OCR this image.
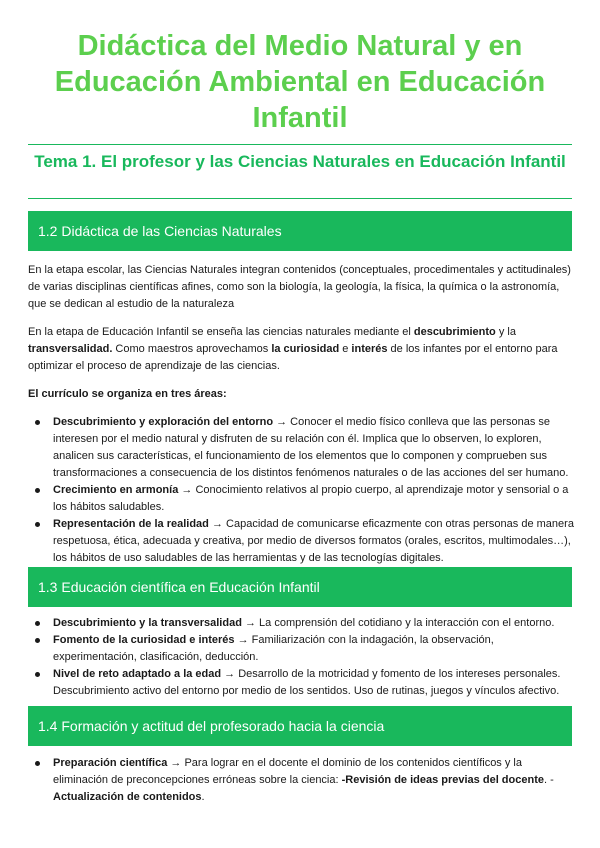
Didáctica del Medio Natural y en Educación Ambiental en Educación Infantil
Tema 1. El profesor y las Ciencias Naturales en Educación Infantil
1.2 Didáctica de las Ciencias Naturales

En la etapa escolar, las Ciencias Naturales integran contenidos (conceptuales, procedimentales y actitudinales) de varias disciplinas científicas afines, como son la biología, la geología, la física, la química o la astronomía, que se dedican al estudio de la naturaleza

En la etapa de Educación Infantil se enseña las ciencias naturales mediante el descubrimiento y la transversalidad. Como maestros aprovechamos la curiosidad e interés de los infantes por el entorno para optimizar el proceso de aprendizaje de las ciencias.

El currículo se organiza en tres áreas:

Descubrimiento y exploración del entorno → Conocer el medio físico conlleva que las personas se interesen por el medio natural y disfruten de su relación con él. Implica que lo observen, lo exploren, analicen sus características, el funcionamiento de los elementos que lo componen y comprueben sus transformaciones a consecuencia de los distintos fenómenos naturales o de las acciones del ser humano.
Crecimiento en armonía → Conocimiento relativos al propio cuerpo, al aprendizaje motor y sensorial o a los hábitos saludables.
Representación de la realidad → Capacidad de comunicarse eficazmente con otras personas de manera respetuosa, ética, adecuada y creativa, por medio de diversos formatos (orales, escritos, multimodales…), los hábitos de uso saludables de las herramientas y de las tecnologías digitales.
1.3 Educación científica en Educación Infantil
Descubrimiento y la transversalidad → La comprensión del cotidiano y la interacción con el entorno.
Fomento de la curiosidad e interés → Familiarización con la indagación, la observación, experimentación, clasificación, deducción.
Nivel de reto adaptado a la edad → Desarrollo de la motricidad y fomento de los intereses personales. Descubrimiento activo del entorno por medio de los sentidos. Uso de rutinas, juegos y vínculos afectivo.
1.4 Formación y actitud del profesorado hacia la ciencia
Preparación científica → Para lograr en el docente el dominio de los contenidos científicos y la eliminación de preconcepciones erróneas sobre la ciencia: -Revisión de ideas previas del docente. -Actualización de contenidos.
